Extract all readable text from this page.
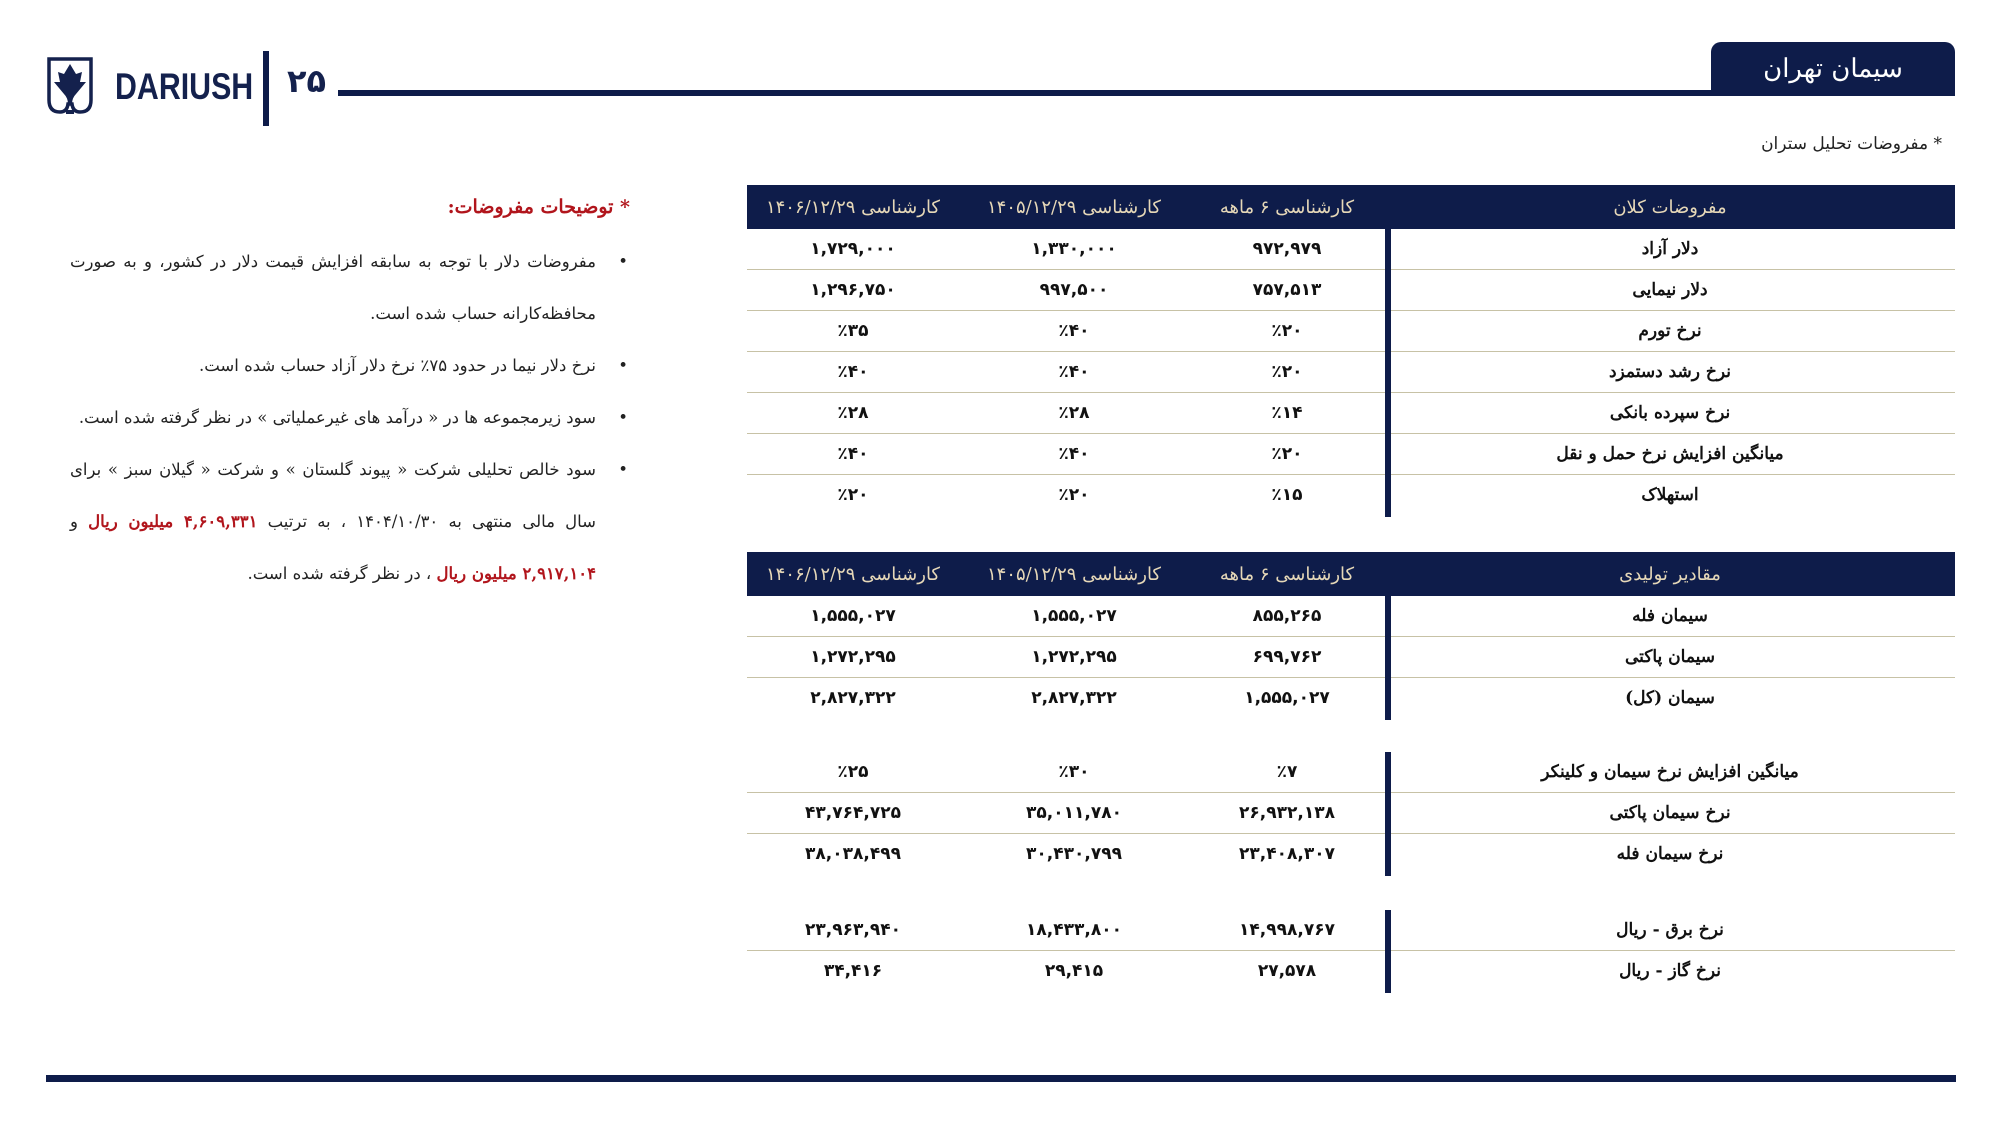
DARIUSH ۲۵	سیمان تهران
* مفروضات تحلیل ستران
* توضیحات مفروضات:
•
مفروضات دلار با توجه به سابقه افزایش قیمت دلار در کشور، و به صورت محافظه‌کارانه حساب شده است.
•
نرخ دلار نیما در حدود ۷۵٪ نرخ دلار آزاد حساب شده است.
•
سود زیرمجموعه ها در « درآمد های غیرعملیاتی » در نظر گرفته شده است.
•
سود خالص تحلیلی شرکت « پیوند گلستان » و شرکت « گیلان سبز » برای سال مالی منتهی به ۱۴۰۴/۱۰/۳۰ ، به ترتیب ۴,۶۰۹,۳۳۱ میلیون ریال و ۲,۹۱۷,۱۰۴ میلیون ریال ، در نظر گرفته شده است.
مفروضات کلان
کارشناسی ۶ ماهه
کارشناسی ۱۴۰۵/۱۲/۲۹
کارشناسی ۱۴۰۶/۱۲/۲۹
دلار آزاد
۹۷۲,۹۷۹
۱,۳۳۰,۰۰۰
۱,۷۲۹,۰۰۰
دلار نیمایی
۷۵۷,۵۱۳
۹۹۷,۵۰۰
۱,۲۹۶,۷۵۰
نرخ تورم
٪۲۰
٪۴۰
٪۳۵
نرخ رشد دستمزد
٪۲۰
٪۴۰
٪۴۰
نرخ سپرده بانکی
٪۱۴
٪۲۸
٪۲۸
میانگین افزایش نرخ حمل و نقل
٪۲۰
٪۴۰
٪۴۰
استهلاک
٪۱۵
٪۲۰
٪۲۰
مقادیر تولیدی
کارشناسی ۶ ماهه
کارشناسی ۱۴۰۵/۱۲/۲۹
کارشناسی ۱۴۰۶/۱۲/۲۹
سیمان فله
۸۵۵,۲۶۵
۱,۵۵۵,۰۲۷
۱,۵۵۵,۰۲۷
سیمان پاکتی
۶۹۹,۷۶۲
۱,۲۷۲,۲۹۵
۱,۲۷۲,۲۹۵
سیمان (کل)
۱,۵۵۵,۰۲۷
۲,۸۲۷,۳۲۲
۲,۸۲۷,۳۲۲
میانگین افزایش نرخ سیمان و کلینکر
٪۷
٪۳۰
٪۲۵
نرخ سیمان پاکتی
۲۶,۹۳۲,۱۳۸
۳۵,۰۱۱,۷۸۰
۴۳,۷۶۴,۷۲۵
نرخ سیمان فله
۲۳,۴۰۸,۳۰۷
۳۰,۴۳۰,۷۹۹
۳۸,۰۳۸,۴۹۹
نرخ برق - ریال
۱۴,۹۹۸,۷۶۷
۱۸,۴۳۳,۸۰۰
۲۳,۹۶۳,۹۴۰
نرخ گاز - ریال
۲۷,۵۷۸
۲۹,۴۱۵
۳۴,۴۱۶
